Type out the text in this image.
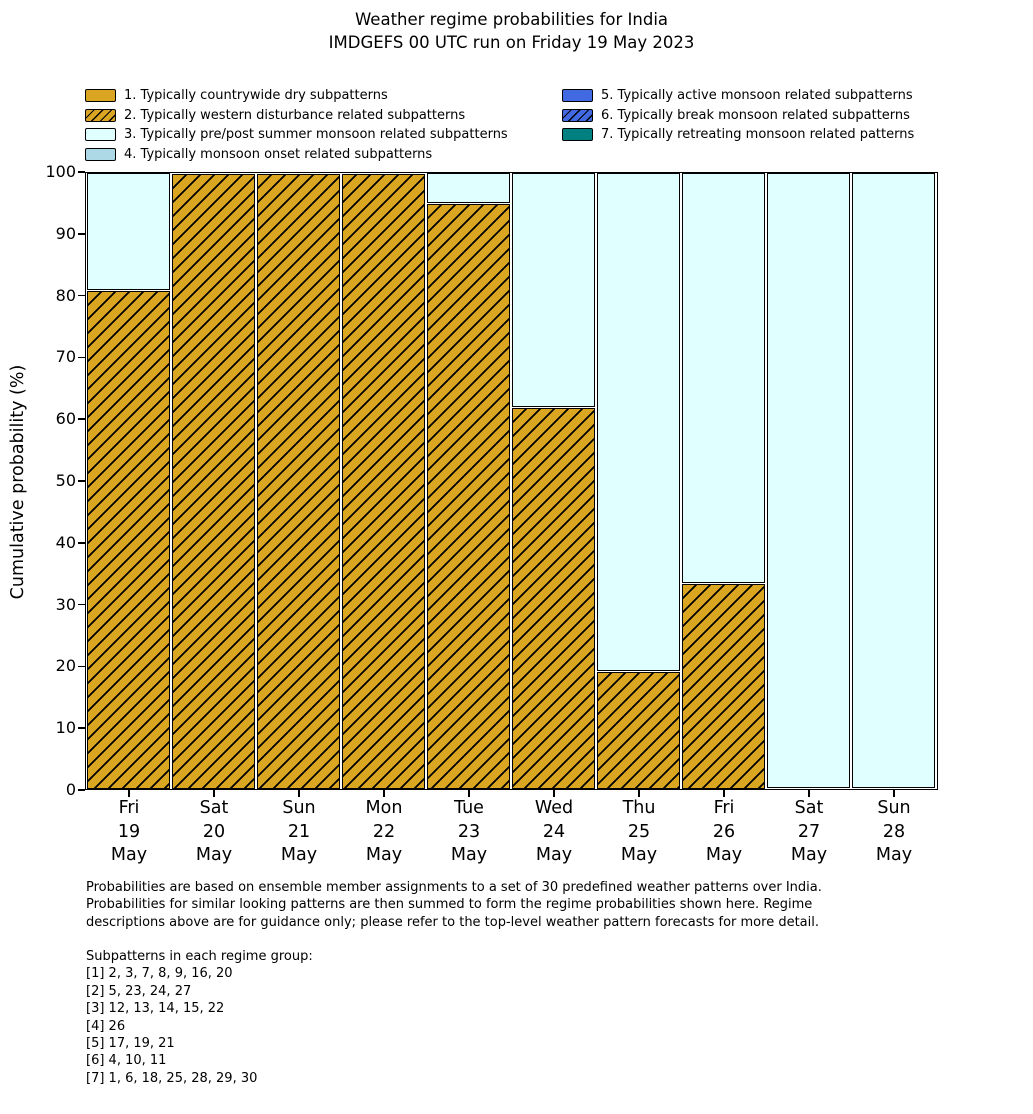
Weather regime probabilities for India
IMDGEFS 00 UTC run on Friday 19 May 2023
1. Typically countrywide dry subpatterns
2. Typically western disturbance related subpatterns
3. Typically pre/post summer monsoon related subpatterns
4. Typically monsoon onset related subpatterns
5. Typically active monsoon related subpatterns
6. Typically break monsoon related subpatterns
7. Typically retreating monsoon related patterns
Cumulative probability (%)
Fri
19
May
Sat
20
May
Sun
21
May
Mon
22
May
Tue
23
May
Wed
24
May
Thu
25
May
Fri
26
May
Sat
27
May
Sun
28
May
0
10
20
30
40
50
60
70
80
90
100
Probabilities are based on ensemble member assignments to a set of 30 predefined weather patterns over India.
Probabilities for similar looking patterns are then summed to form the regime probabilities shown here. Regime
descriptions above are for guidance only; please refer to the top-level weather pattern forecasts for more detail.
Subpatterns in each regime group:
[1] 2, 3, 7, 8, 9, 16, 20
[2] 5, 23, 24, 27
[3] 12, 13, 14, 15, 22
[4] 26
[5] 17, 19, 21
[6] 4, 10, 11
[7] 1, 6, 18, 25, 28, 29, 30
